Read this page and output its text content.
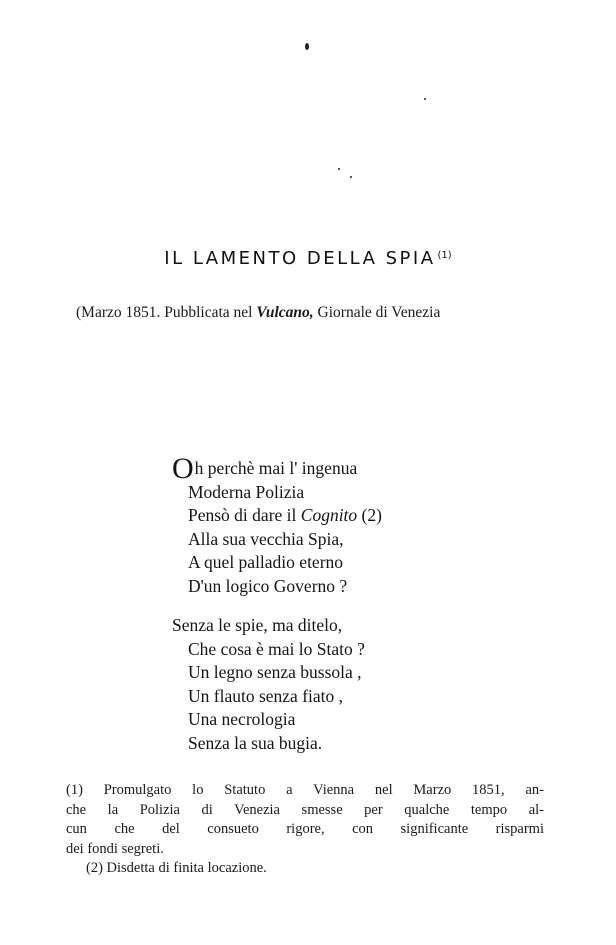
IL LAMENTO DELLA SPIA $^{(1)}$
(Marzo 1851. Pubblicata nel Vulcano, Giornale di Venezia
Oh perchè mai l' ingenua
Moderna Polizia
Pensò di dare il Cognito (2)
Alla sua vecchia Spia,
A quel palladio eterno
D'un logico Governo ?
Senza le spie, ma ditelo,
Che cosa è mai lo Stato ?
Un legno senza bussola ,
Un flauto senza fiato ,
Una necrologia
Senza la sua bugia.
(1) Promulgato lo Statuto a Vienna nel Marzo 1851, an-
che la Polizia di Venezia smesse per qualche tempo al-
cun che del consueto rigore, con significante risparmi
dei fondi segreti.
(2) Disdetta di finita locazione.
